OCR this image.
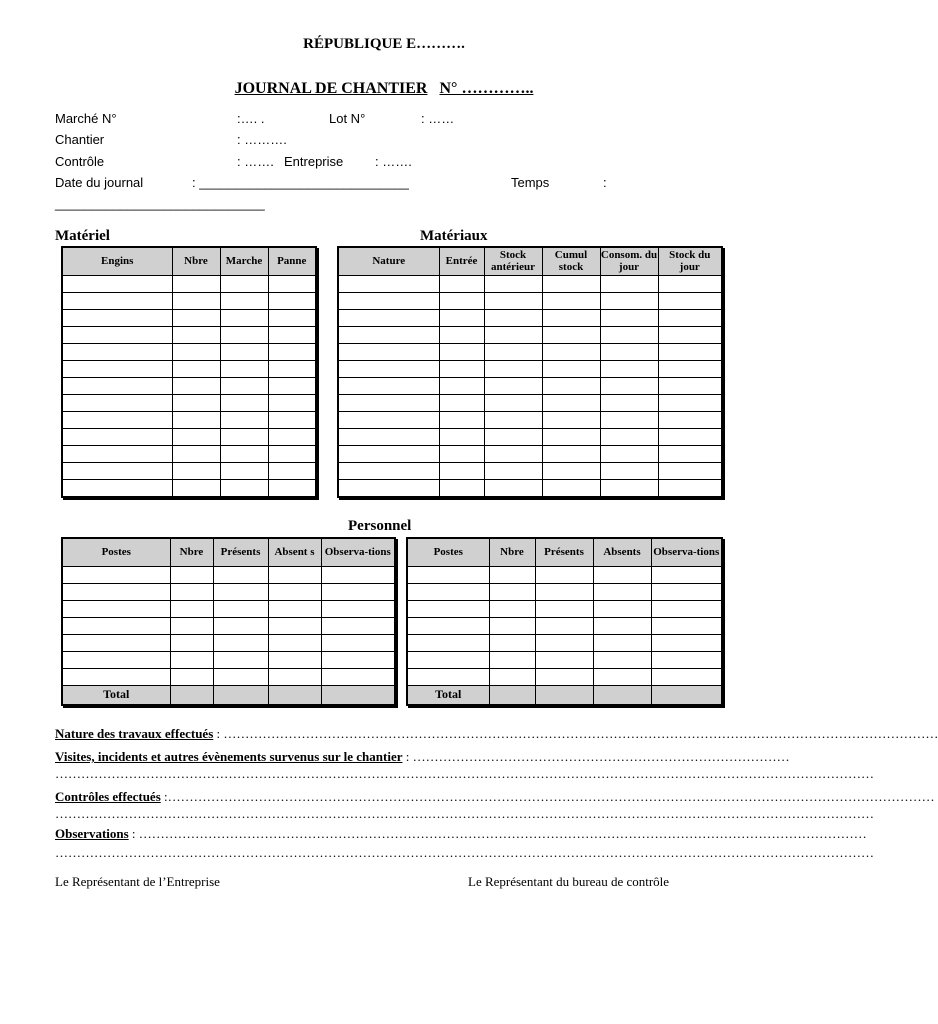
RÉPUBLIQUE E……….
JOURNAL DE CHANTIER N° …………..
Marché N°	:…. .	Lot N°	: ……
Chantier	: ……….
Contrôle	: ……. Entreprise : …….
Date du journal	: _____________________________	Temps	:
_____________________________
Matériel	Matériaux
Engins	Nbre	Marche	Panne

				Nature	Entrée	Stock antérieur	Cumul stock	Consom. du jour	Stock du jour

Personnel
Postes	Nbre	Présents	Absent s	Observa-tions

Total				
Postes	Nbre	Présents	Absents	Observa-tions

Total				
Nature des travaux effectués : …………………………………………………………………………………………………………………………………………………
Visites, incidents et autres évènements survenus sur le chantier : ……………………………………………………………………………
………………………………………………………………………………………………………………………………………………………………………
Contrôles effectués :……………………………………………………………………………………………………………………………………………………………
………………………………………………………………………………………………………………………………………………………………………
Observations : ……………………………………………………………………………………………………………………………………………………
………………………………………………………………………………………………………………………………………………………………………
Le Représentant de l’Entreprise	Le Représentant du bureau de contrôle
